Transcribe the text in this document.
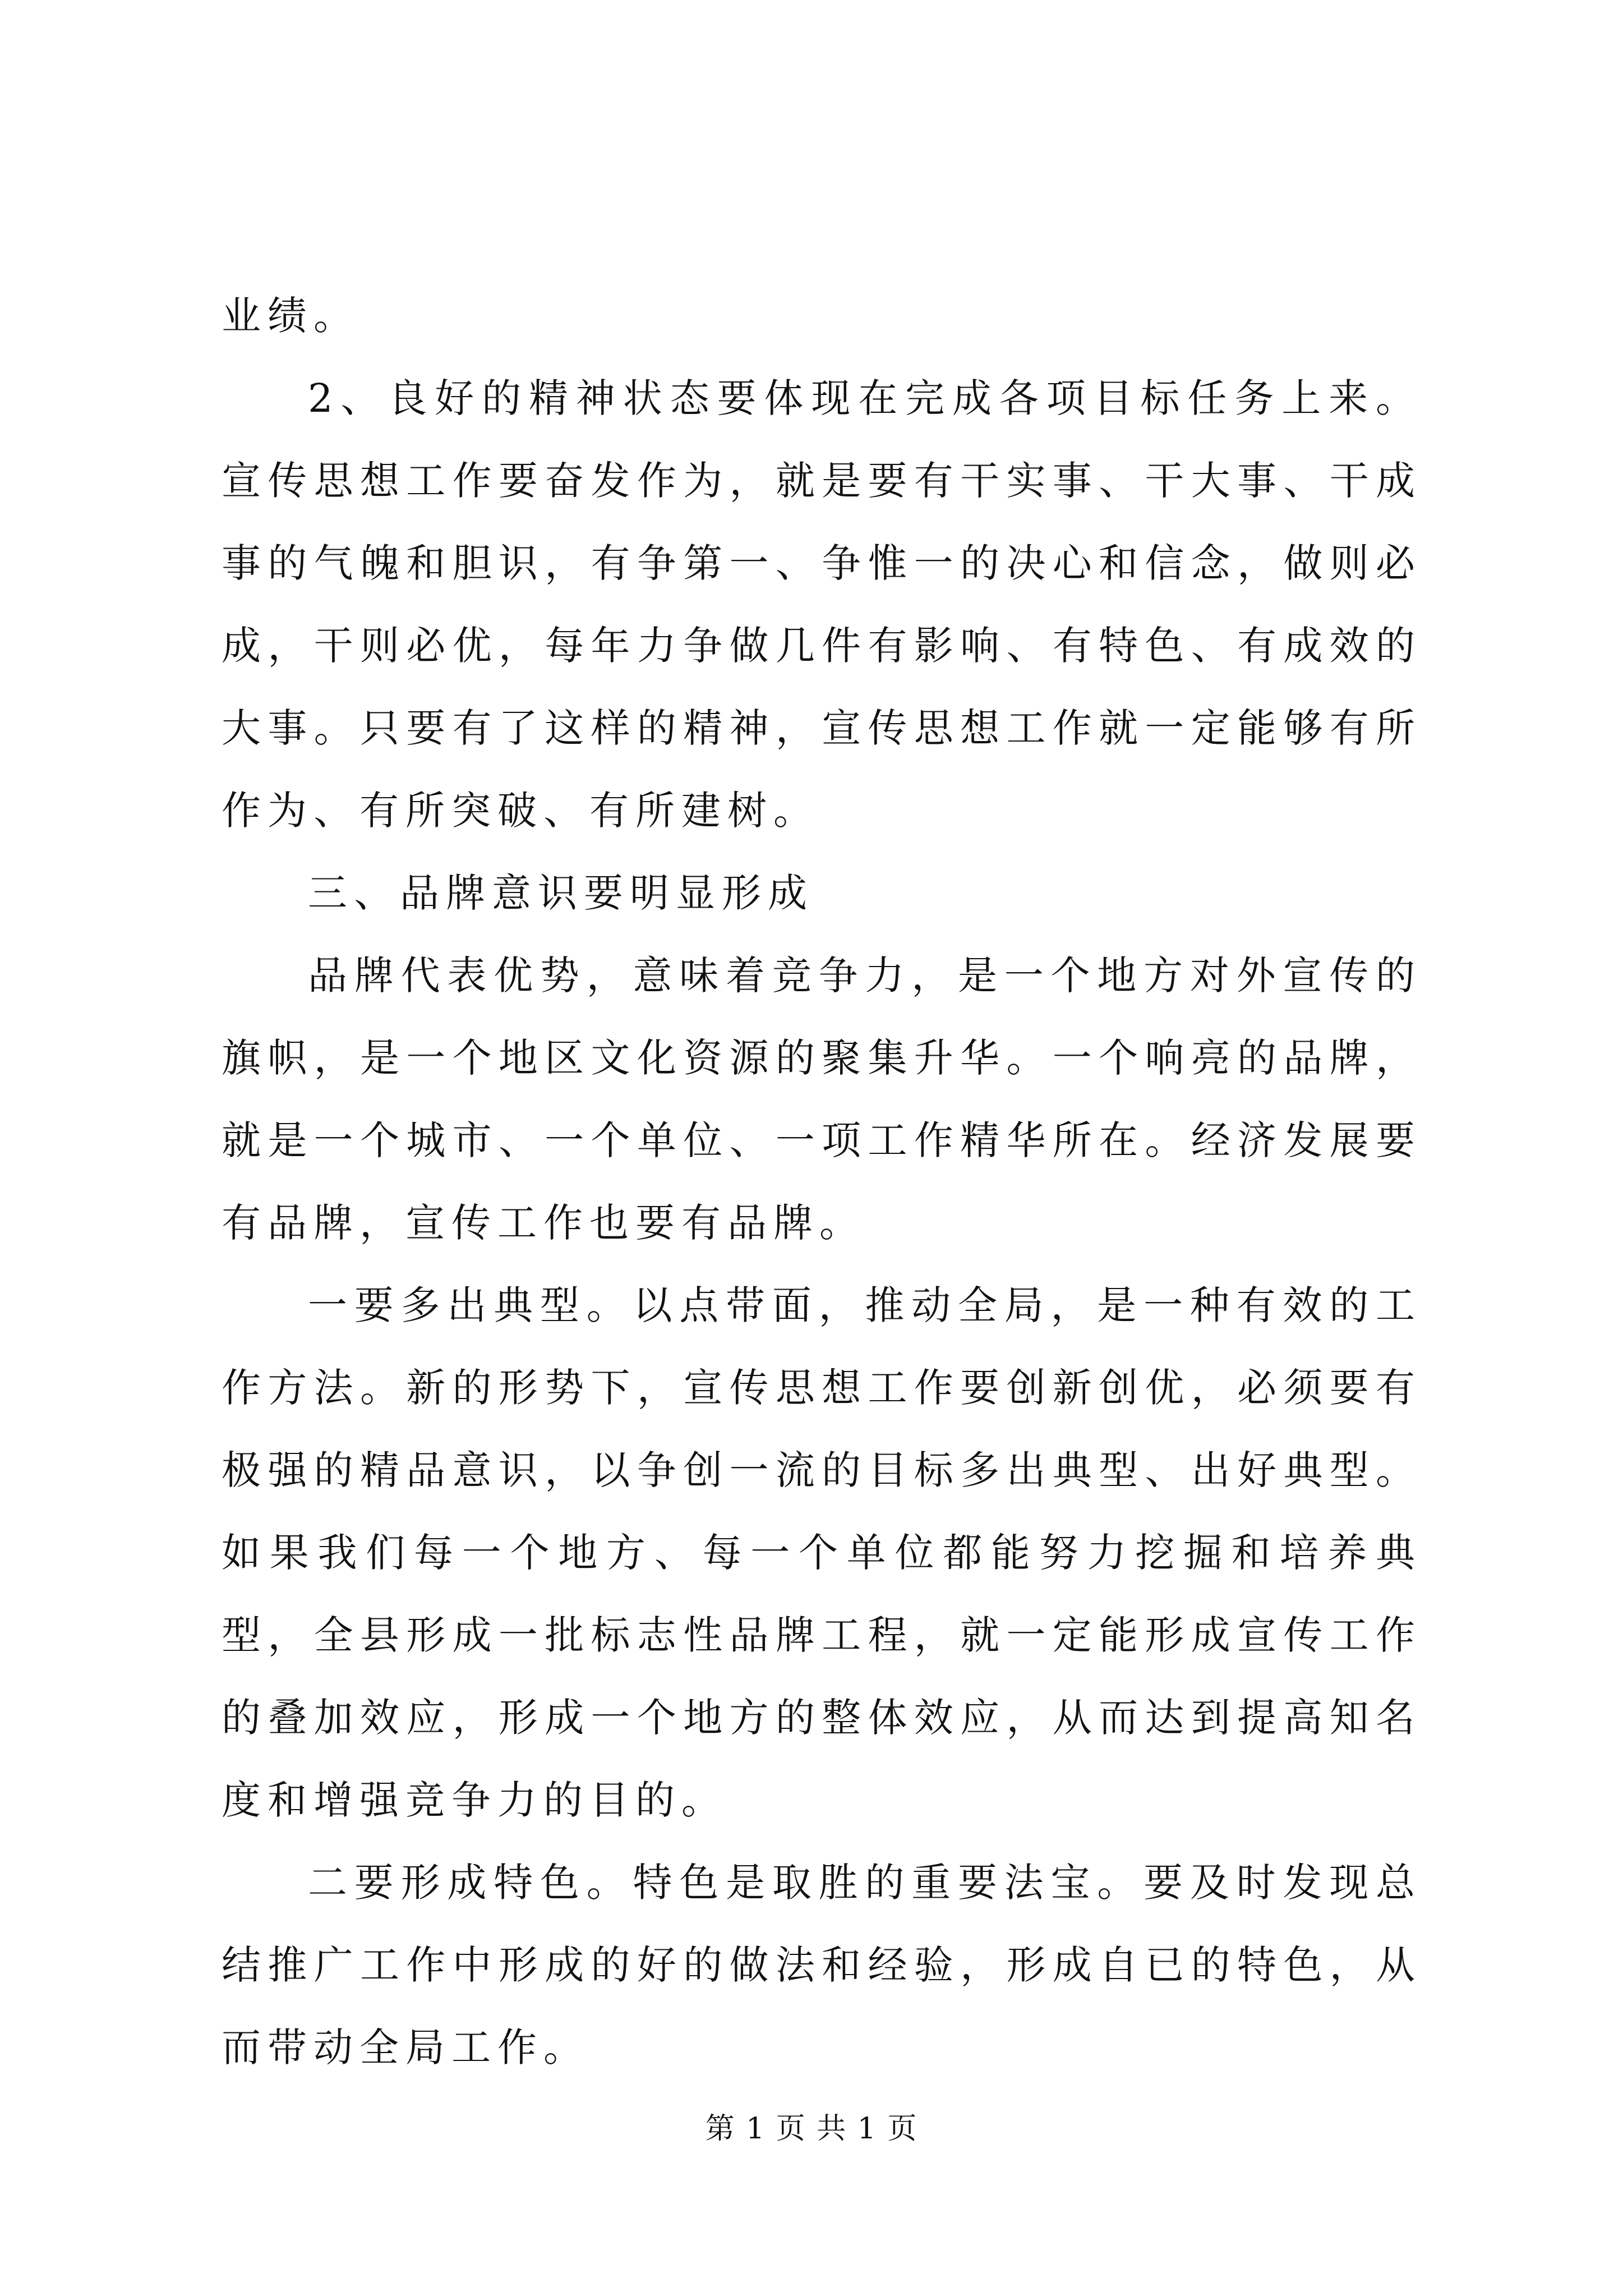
业绩。

2、良好的精神状态要体现在完成各项目标任务上来。宣传思想工作要奋发作为，就是要有干实事、干大事、干成事的气魄和胆识，有争第一、争惟一的决心和信念，做则必成，干则必优，每年力争做几件有影响、有特色、有成效的大事。只要有了这样的精神，宣传思想工作就一定能够有所作为、有所突破、有所建树。

三、品牌意识要明显形成

品牌代表优势，意味着竞争力，是一个地方对外宣传的旗帜，是一个地区文化资源的聚集升华。一个响亮的品牌，就是一个城市、一个单位、一项工作精华所在。经济发展要有品牌，宣传工作也要有品牌。

一要多出典型。以点带面，推动全局，是一种有效的工作方法。新的形势下，宣传思想工作要创新创优，必须要有极强的精品意识，以争创一流的目标多出典型、出好典型。如果我们每一个地方、每一个单位都能努力挖掘和培养典型，全县形成一批标志性品牌工程，就一定能形成宣传工作的叠加效应，形成一个地方的整体效应，从而达到提高知名度和增强竞争力的目的。

二要形成特色。特色是取胜的重要法宝。要及时发现总结推广工作中形成的好的做法和经验，形成自已的特色，从而带动全局工作。

第 1 页 共 1 页
